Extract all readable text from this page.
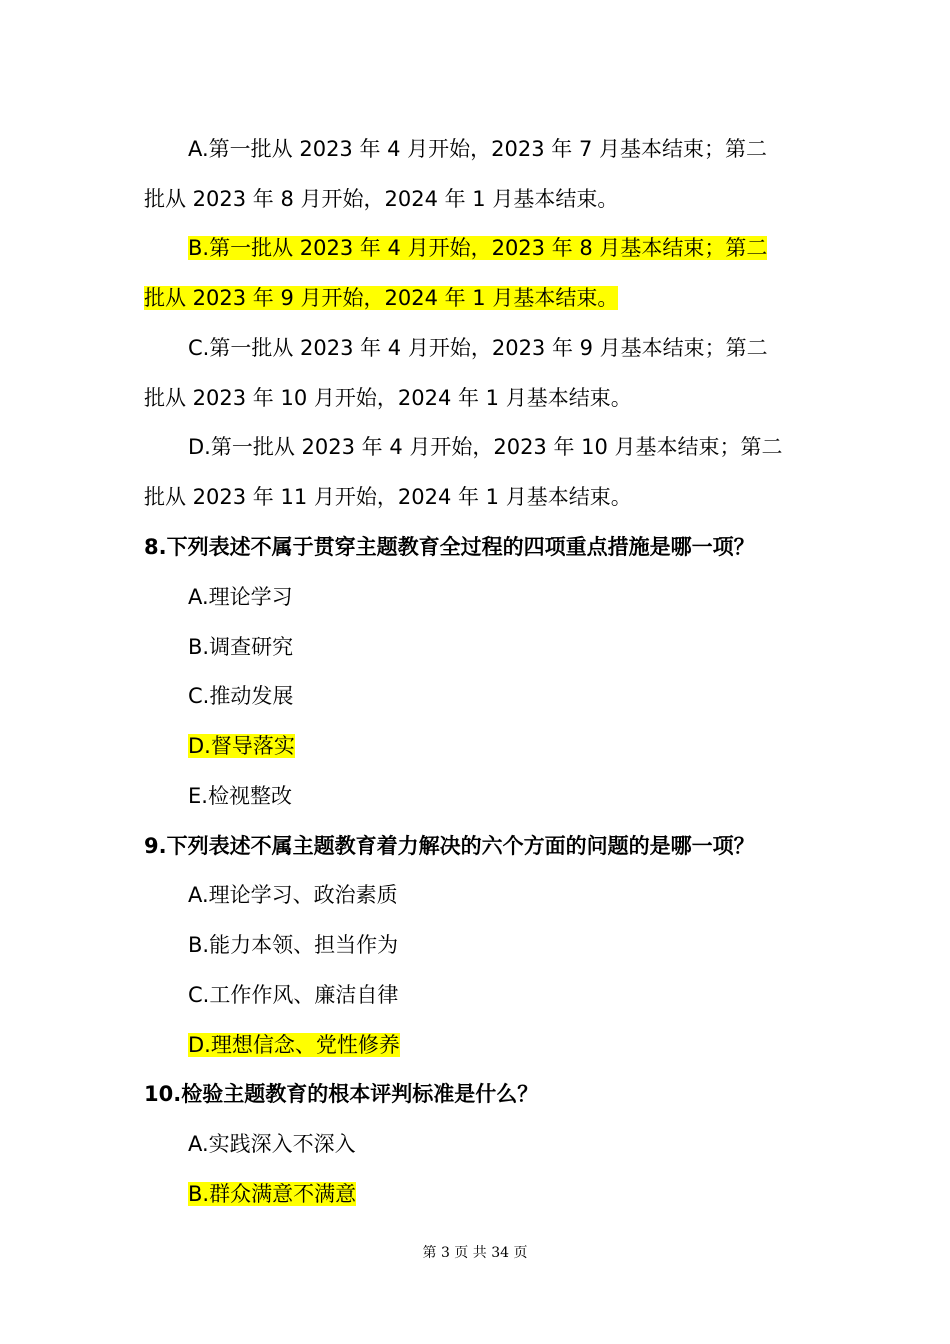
A.第一批从 2023 年 4 月开始，2023 年 7 月基本结束；第二
批从 2023 年 8 月开始，2024 年 1 月基本结束。
B.第一批从 2023 年 4 月开始，2023 年 8 月基本结束；第二
批从 2023 年 9 月开始，2024 年 1 月基本结束。
C.第一批从 2023 年 4 月开始，2023 年 9 月基本结束；第二
批从 2023 年 10 月开始，2024 年 1 月基本结束。
D.第一批从 2023 年 4 月开始，2023 年 10 月基本结束；第二
批从 2023 年 11 月开始，2024 年 1 月基本结束。
8.下列表述不属于贯穿主题教育全过程的四项重点措施是哪一项？
A.理论学习
B.调查研究
C.推动发展
D.督导落实
E.检视整改
9.下列表述不属主题教育着力解决的六个方面的问题的是哪一项？
A.理论学习、政治素质
B.能力本领、担当作为
C.工作作风、廉洁自律
D.理想信念、党性修养
10.检验主题教育的根本评判标准是什么？
A.实践深入不深入
B.群众满意不满意
第 3 页 共 34 页
